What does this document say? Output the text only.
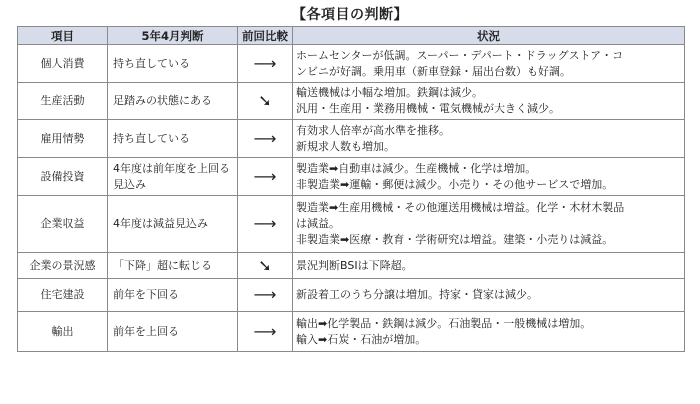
【各項目の判断】
項目	5年4月判断	前回比較	状況
個人消費	持ち直している	⟶	ホームセンターが低調。スーパー・デパート・ドラッグストア・コ
ンビニが好調。乗用車（新車登録・届出台数）も好調。

生産活動	足踏みの状態にある	➘	輸送機械は小幅な増加。鉄鋼は減少。
汎用・生産用・業務用機械・電気機械が大きく減少。

雇用情勢	持ち直している	⟶	有効求人倍率が高水準を推移。
新規求人数も増加。

設備投資	4年度は前年度を上回る見込み	⟶	製造業➡自動車は減少。生産機械・化学は増加。
非製造業➡運輸・郵便は減少。小売り・その他サービスで増加。

企業収益	4年度は減益見込み	⟶	製造業➡生産用機械・その他運送用機械は増益。化学・木材木製品
は減益。
非製造業➡医療・教育・学術研究は増益。建築・小売りは減益。

企業の景況感	「下降」超に転じる	➘	景況判断BSIは下降超。

住宅建設	前年を下回る	⟶	新設着工のうち分譲は増加。持家・貸家は減少。

輸出	前年を上回る	⟶	輸出➡化学製品・鉄鋼は減少。石油製品・一般機械は増加。
輸入➡石炭・石油が増加。
